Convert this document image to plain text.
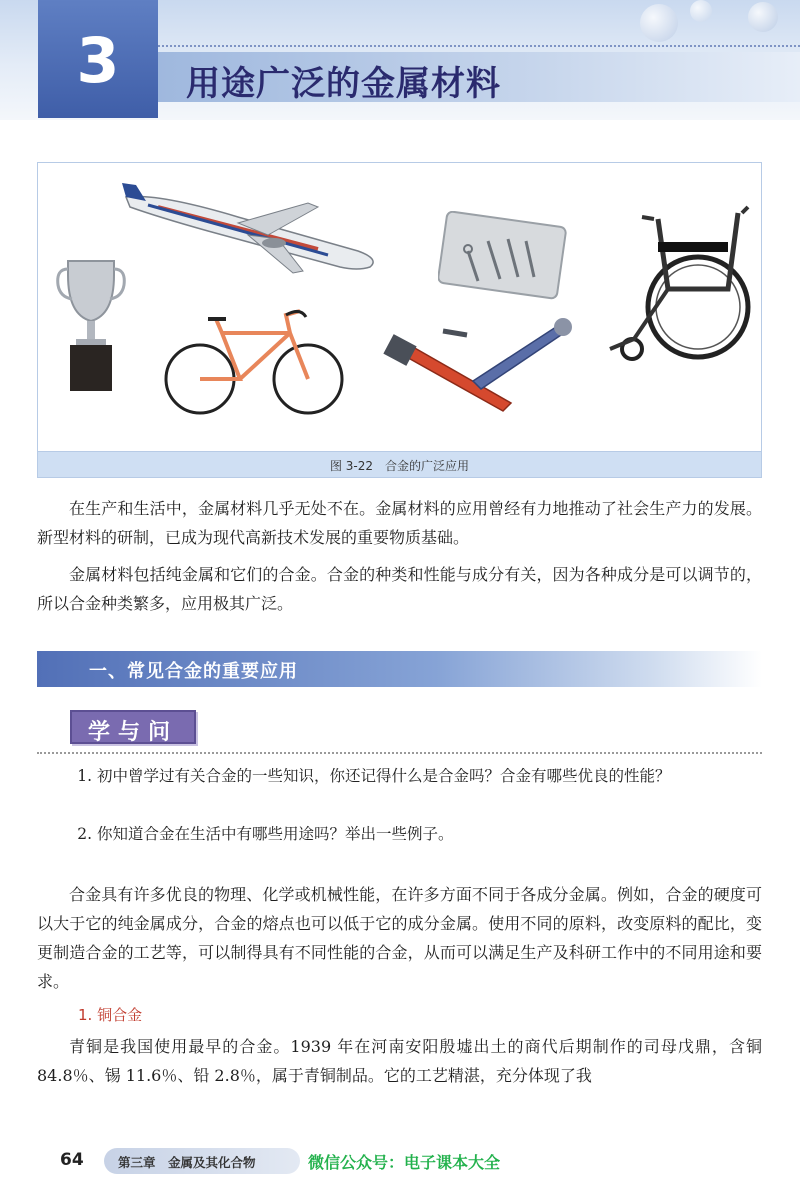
3	用途广泛的金属材料
图 3-22　合金的广泛应用
在生产和生活中，金属材料几乎无处不在。金属材料的应用曾经有力地推动了社会生产力的发展。新型材料的研制，已成为现代高新技术发展的重要物质基础。
金属材料包括纯金属和它们的合金。合金的种类和性能与成分有关，因为各种成分是可以调节的，所以合金种类繁多，应用极其广泛。
一、常见合金的重要应用
学与问
1. 初中曾学过有关合金的一些知识，你还记得什么是合金吗？合金有哪些优良的性能？
2. 你知道合金在生活中有哪些用途吗？举出一些例子。
合金具有许多优良的物理、化学或机械性能，在许多方面不同于各成分金属。例如，合金的硬度可以大于它的纯金属成分，合金的熔点也可以低于它的成分金属。使用不同的原料，改变原料的配比，变更制造合金的工艺等，可以制得具有不同性能的合金，从而可以满足生产及科研工作中的不同用途和要求。
1. 铜合金
青铜是我国使用最早的合金。1939 年在河南安阳殷墟出土的商代后期制作的司母戊鼎，含铜 84.8％、锡 11.6％、铅 2.8％，属于青铜制品。它的工艺精湛，充分体现了我
64	第三章　金属及其化合物	微信公众号：电子课本大全
